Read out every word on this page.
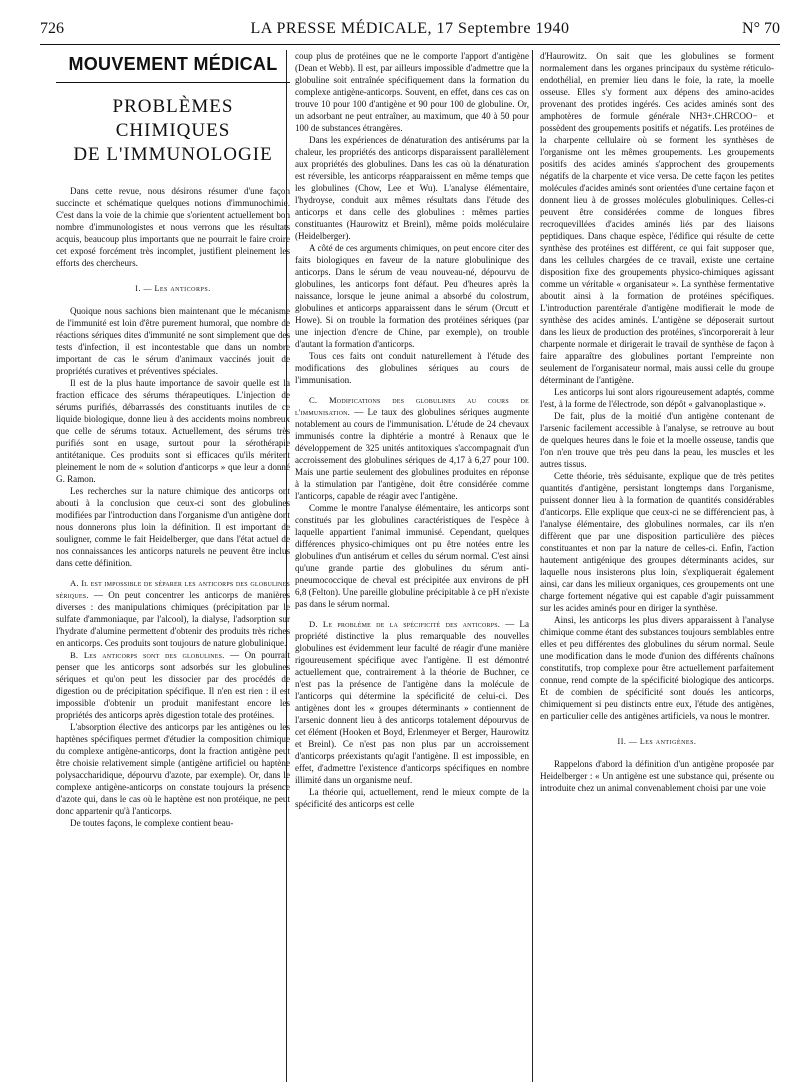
726	LA PRESSE MÉDICALE, 17 Septembre 1940	N° 70
MOUVEMENT MÉDICAL
PROBLÈMES CHIMIQUES
DE L'IMMUNOLOGIE

Dans cette revue, nous désirons résumer d'une façon succincte et schématique quelques notions d'immunochimie. C'est dans la voie de la chimie que s'orientent actuellement bon nombre d'immunologistes et nous verrons que les résultats acquis, beaucoup plus importants que ne pourrait le faire croire cet exposé forcément très incomplet, justifient pleinement les efforts des chercheurs.

I. — Les anticorps.

Quoique nous sachions bien maintenant que le mécanisme de l'immunité est loin d'être purement humoral, que nombre de réactions sériques dites d'immunité ne sont simplement que des tests d'infection, il est incontestable que dans un nombre important de cas le sérum d'animaux vaccinés jouit de propriétés curatives et préventives spéciales.

Il est de la plus haute importance de savoir quelle est la fraction efficace des sérums thérapeutiques. L'injection de sérums purifiés, débarrassés des constituants inutiles de ce liquide biologique, donne lieu à des accidents moins nombreux que celle de sérums totaux. Actuellement, des sérums très purifiés sont en usage, surtout pour la sérothérapie antitétanique. Ces produits sont si efficaces qu'ils méritent pleinement le nom de « solution d'anticorps » que leur a donné G. Ramon.

Les recherches sur la nature chimique des anticorps ont abouti à la conclusion que ceux-ci sont des globulines modifiées par l'introduction dans l'organisme d'un antigène dont nous donnerons plus loin la définition. Il est important de souligner, comme le fait Heidelberger, que dans l'état actuel de nos connaissances les anticorps naturels ne peuvent être inclus dans cette définition.

A. Il est impossible de séparer les anticorps des globulines sériques. — On peut concentrer les anticorps de manières diverses : des manipulations chimiques (précipitation par le sulfate d'ammoniaque, par l'alcool), la dialyse, l'adsorption sur l'hydrate d'alumine permettent d'obtenir des produits très riches en anticorps. Ces produits sont toujours de nature globulinique.

B. Les anticorps sont des globulines. — On pourrait penser que les anticorps sont adsorbés sur les globulines sériques et qu'on peut les dissocier par des procédés de digestion ou de précipitation spécifique. Il n'en est rien : il est impossible d'obtenir un produit manifestant encore les propriétés des anticorps après digestion totale des protéines.

L'absorption élective des anticorps par les antigènes ou les haptènes spécifiques permet d'étudier la composition chimique du complexe antigène-anticorps, dont la fraction antigène peut être choisie relativement simple (antigène artificiel ou haptène polysaccharidique, dépourvu d'azote, par exemple). Or, dans le complexe antigène-anticorps on constate toujours la présence d'azote qui, dans le cas où le haptène est non protéique, ne peut donc appartenir qu'à l'anticorps.

De toutes façons, le complexe contient beau-

coup plus de protéines que ne le comporte l'apport d'antigène (Dean et Webb). Il est, par ailleurs impossible d'admettre que la globuline soit entraînée spécifiquement dans la formation du complexe antigène-anticorps. Souvent, en effet, dans ces cas on trouve 10 pour 100 d'antigène et 90 pour 100 de globuline. Or, un adsorbant ne peut entraîner, au maximum, que 40 à 50 pour 100 de substances étrangères.

Dans les expériences de dénaturation des antisérums par la chaleur, les propriétés des anticorps disparaissent parallèlement aux propriétés des globulines. Dans les cas où la dénaturation est réversible, les anticorps réapparaissent en même temps que les globulines (Chow, Lee et Wu). L'analyse élémentaire, l'hydroyse, conduit aux mêmes résultats dans l'étude des anticorps et dans celle des globulines : mêmes parties constituantes (Haurowitz et Breinl), même poids moléculaire (Heidelberger).

A côté de ces arguments chimiques, on peut encore citer des faits biologiques en faveur de la nature globulinique des anticorps. Dans le sérum de veau nouveau-né, dépourvu de globulines, les anticorps font défaut. Peu d'heures après la naissance, lorsque le jeune animal a absorbé du colostrum, globulines et anticorps apparaissent dans le sérum (Orcutt et Howe). Si on trouble la formation des protéines sériques (par une injection d'encre de Chine, par exemple), on trouble d'autant la formation d'anticorps.

Tous ces faits ont conduit naturellement à l'étude des modifications des globulines sériques au cours de l'immunisation.

C. Modifications des globulines au cours de l'immunisation. — Le taux des globulines sériques augmente notablement au cours de l'immunisation. L'étude de 24 chevaux immunisés contre la diphtérie a montré à Renaux que le développement de 325 unités antitoxiques s'accompagnait d'un accroissement des globulines sériques de 4,17 à 6,27 pour 100. Mais une partie seulement des globulines produites en réponse à la stimulation par l'antigène, doit être considérée comme l'anticorps, capable de réagir avec l'antigène.

Comme le montre l'analyse élémentaire, les anticorps sont constitués par les globulines caractéristiques de l'espèce à laquelle appartient l'animal immunisé. Cependant, quelques différences physico-chimiques ont pu être notées entre les globulines d'un antisérum et celles du sérum normal. C'est ainsi qu'une grande partie des globulines du sérum anti-pneumococcique de cheval est précipitée aux environs de pH 6,8 (Felton). Une pareille globuline précipitable à ce pH n'existe pas dans le sérum normal.

D. Le problème de la spécificité des anticorps. — La propriété distinctive la plus remarquable des nouvelles globulines est évidemment leur faculté de réagir d'une manière rigoureusement spécifique avec l'antigène. Il est démontré actuellement que, contrairement à la théorie de Buchner, ce n'est pas la présence de l'antigène dans la molécule de l'anticorps qui détermine la spécificité de celui-ci. Des antigènes dont les « groupes déterminants » contiennent de l'arsenic donnent lieu à des anticorps totalement dépourvus de cet élément (Hooken et Boyd, Erlenmeyer et Berger, Haurowitz et Breinl). Ce n'est pas non plus par un accroissement d'anticorps préexistants qu'agit l'antigène. Il est impossible, en effet, d'admettre l'existence d'anticorps spécifiques en nombre illimité dans un organisme neuf.

La théorie qui, actuellement, rend le mieux compte de la spécificité des anticorps est celle

d'Haurowitz. On sait que les globulines se forment normalement dans les organes principaux du système réticulo-endothélial, en premier lieu dans le foie, la rate, la moelle osseuse. Elles s'y forment aux dépens des amino-acides provenant des protides ingérés. Ces acides aminés sont des amphotères de formule générale NH3+.CHRCOO− et possèdent des groupements positifs et négatifs. Les protéines de la charpente cellulaire où se forment les synthèses de l'organisme ont les mêmes groupements. Les groupements positifs des acides aminés s'approchent des groupements négatifs de la charpente et vice versa. De cette façon les petites molécules d'acides aminés sont orientées d'une certaine façon et donnent lieu à de grosses molécules globuliniques. Celles-ci peuvent être considérées comme de longues fibres recroquevillées d'acides aminés liés par des liaisons peptidiques. Dans chaque espèce, l'édifice qui résulte de cette synthèse des protéines est différent, ce qui fait supposer que, dans les cellules chargées de ce travail, existe une certaine disposition fixe des groupements physico-chimiques agissant comme un véritable « organisateur ». La synthèse fermentative aboutit ainsi à la formation de protéines spécifiques. L'introduction parentérale d'antigène modifierait le mode de synthèse des acides aminés. L'antigène se déposerait surtout dans les lieux de production des protéines, s'incorporerait à leur charpente normale et dirigerait le travail de synthèse de façon à faire apparaître des globulines portant l'empreinte non seulement de l'organisateur normal, mais aussi celle du groupe déterminant de l'antigène.

Les anticorps lui sont alors rigoureusement adaptés, comme l'est, à la forme de l'électrode, son dépôt « galvanoplastique ».

De fait, plus de la moitié d'un antigène contenant de l'arsenic facilement accessible à l'analyse, se retrouve au bout de quelques heures dans le foie et la moelle osseuse, tandis que l'on n'en trouve que très peu dans la peau, les muscles et les autres tissus.

Cette théorie, très séduisante, explique que de très petites quantités d'antigène, persistant longtemps dans l'organisme, puissent donner lieu à la formation de quantités considérables d'anticorps. Elle explique que ceux-ci ne se différencient pas, à l'analyse élémentaire, des globulines normales, car ils n'en diffèrent que par une disposition particulière des pièces constituantes et non par la nature de celles-ci. Enfin, l'action hautement antigénique des groupes déterminants acides, sur laquelle nous insisterons plus loin, s'expliquerait également ainsi, car dans les milieux organiques, ces groupements ont une charge fortement négative qui est capable d'agir puissamment sur les acides aminés pour en diriger la synthèse.

Ainsi, les anticorps les plus divers apparaissent à l'analyse chimique comme étant des substances toujours semblables entre elles et peu différentes des globulines du sérum normal. Seule une modification dans le mode d'union des différents chaînons constitutifs, trop complexe pour être actuellement parfaitement connue, rend compte de la spécificité biologique des anticorps. Et de combien de spécificité sont doués les anticorps, chimiquement si peu distincts entre eux, l'étude des antigènes, en particulier celle des antigènes artificiels, va nous le montrer.

II. — Les antigènes.

Rappelons d'abord la définition d'un antigène proposée par Heidelberger : « Un antigène est une substance qui, présente ou introduite chez un animal convenablement choisi par une voie
